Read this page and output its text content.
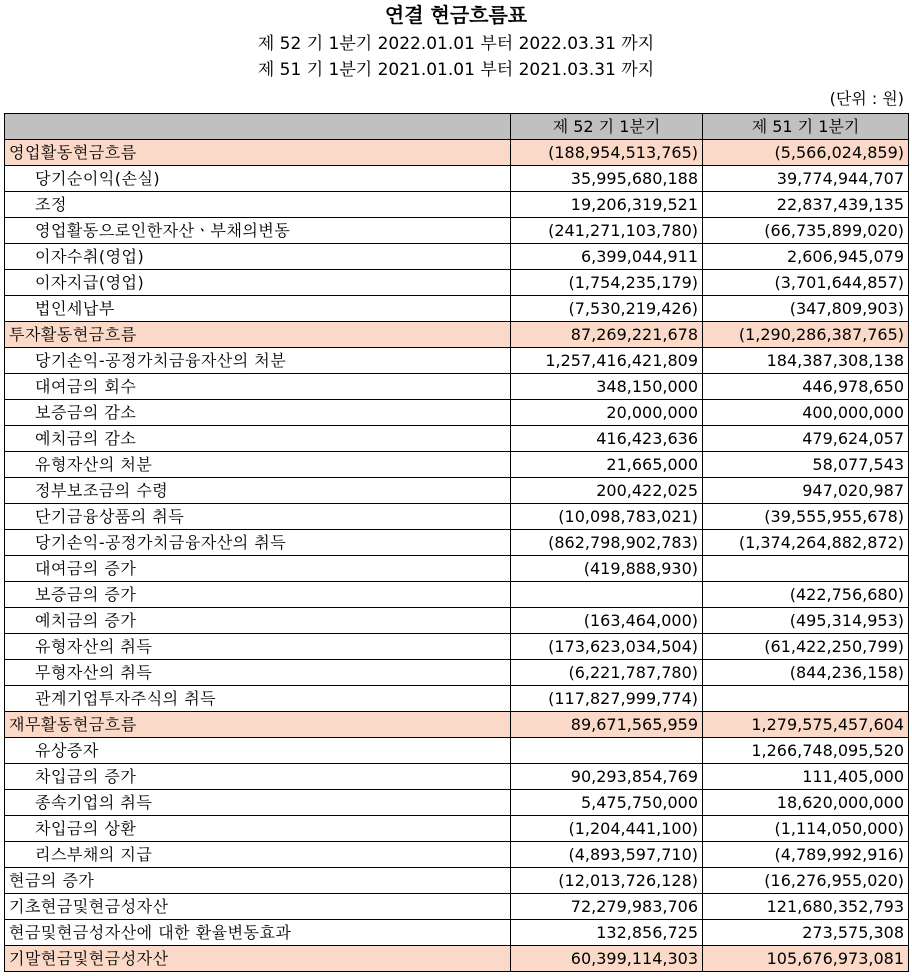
연결 현금흐름표
제 52 기 1분기 2022.01.01 부터 2022.03.31 까지
제 51 기 1분기 2021.01.01 부터 2021.03.31 까지
(단위 : 원)
	제 52 기 1분기	제 51 기 1분기
영업활동현금흐름	(188,954,513,765)	(5,566,024,859)
당기순이익(손실)	35,995,680,188	39,774,944,707
조정	19,206,319,521	22,837,439,135
영업활동으로인한자산ㆍ부채의변동	(241,271,103,780)	(66,735,899,020)
이자수취(영업)	6,399,044,911	2,606,945,079
이자지급(영업)	(1,754,235,179)	(3,701,644,857)
법인세납부	(7,530,219,426)	(347,809,903)
투자활동현금흐름	87,269,221,678	(1,290,286,387,765)
당기손익-공정가치금융자산의 처분	1,257,416,421,809	184,387,308,138
대여금의 회수	348,150,000	446,978,650
보증금의 감소	20,000,000	400,000,000
예치금의 감소	416,423,636	479,624,057
유형자산의 처분	21,665,000	58,077,543
정부보조금의 수령	200,422,025	947,020,987
단기금융상품의 취득	(10,098,783,021)	(39,555,955,678)
당기손익-공정가치금융자산의 취득	(862,798,902,783)	(1,374,264,882,872)
대여금의 증가	(419,888,930)	
보증금의 증가		(422,756,680)
예치금의 증가	(163,464,000)	(495,314,953)
유형자산의 취득	(173,623,034,504)	(61,422,250,799)
무형자산의 취득	(6,221,787,780)	(844,236,158)
관계기업투자주식의 취득	(117,827,999,774)	
재무활동현금흐름	89,671,565,959	1,279,575,457,604
유상증자		1,266,748,095,520
차입금의 증가	90,293,854,769	111,405,000
종속기업의 취득	5,475,750,000	18,620,000,000
차입금의 상환	(1,204,441,100)	(1,114,050,000)
리스부채의 지급	(4,893,597,710)	(4,789,992,916)
현금의 증가	(12,013,726,128)	(16,276,955,020)
기초현금및현금성자산	72,279,983,706	121,680,352,793
현금및현금성자산에 대한 환율변동효과	132,856,725	273,575,308
기말현금및현금성자산	60,399,114,303	105,676,973,081
